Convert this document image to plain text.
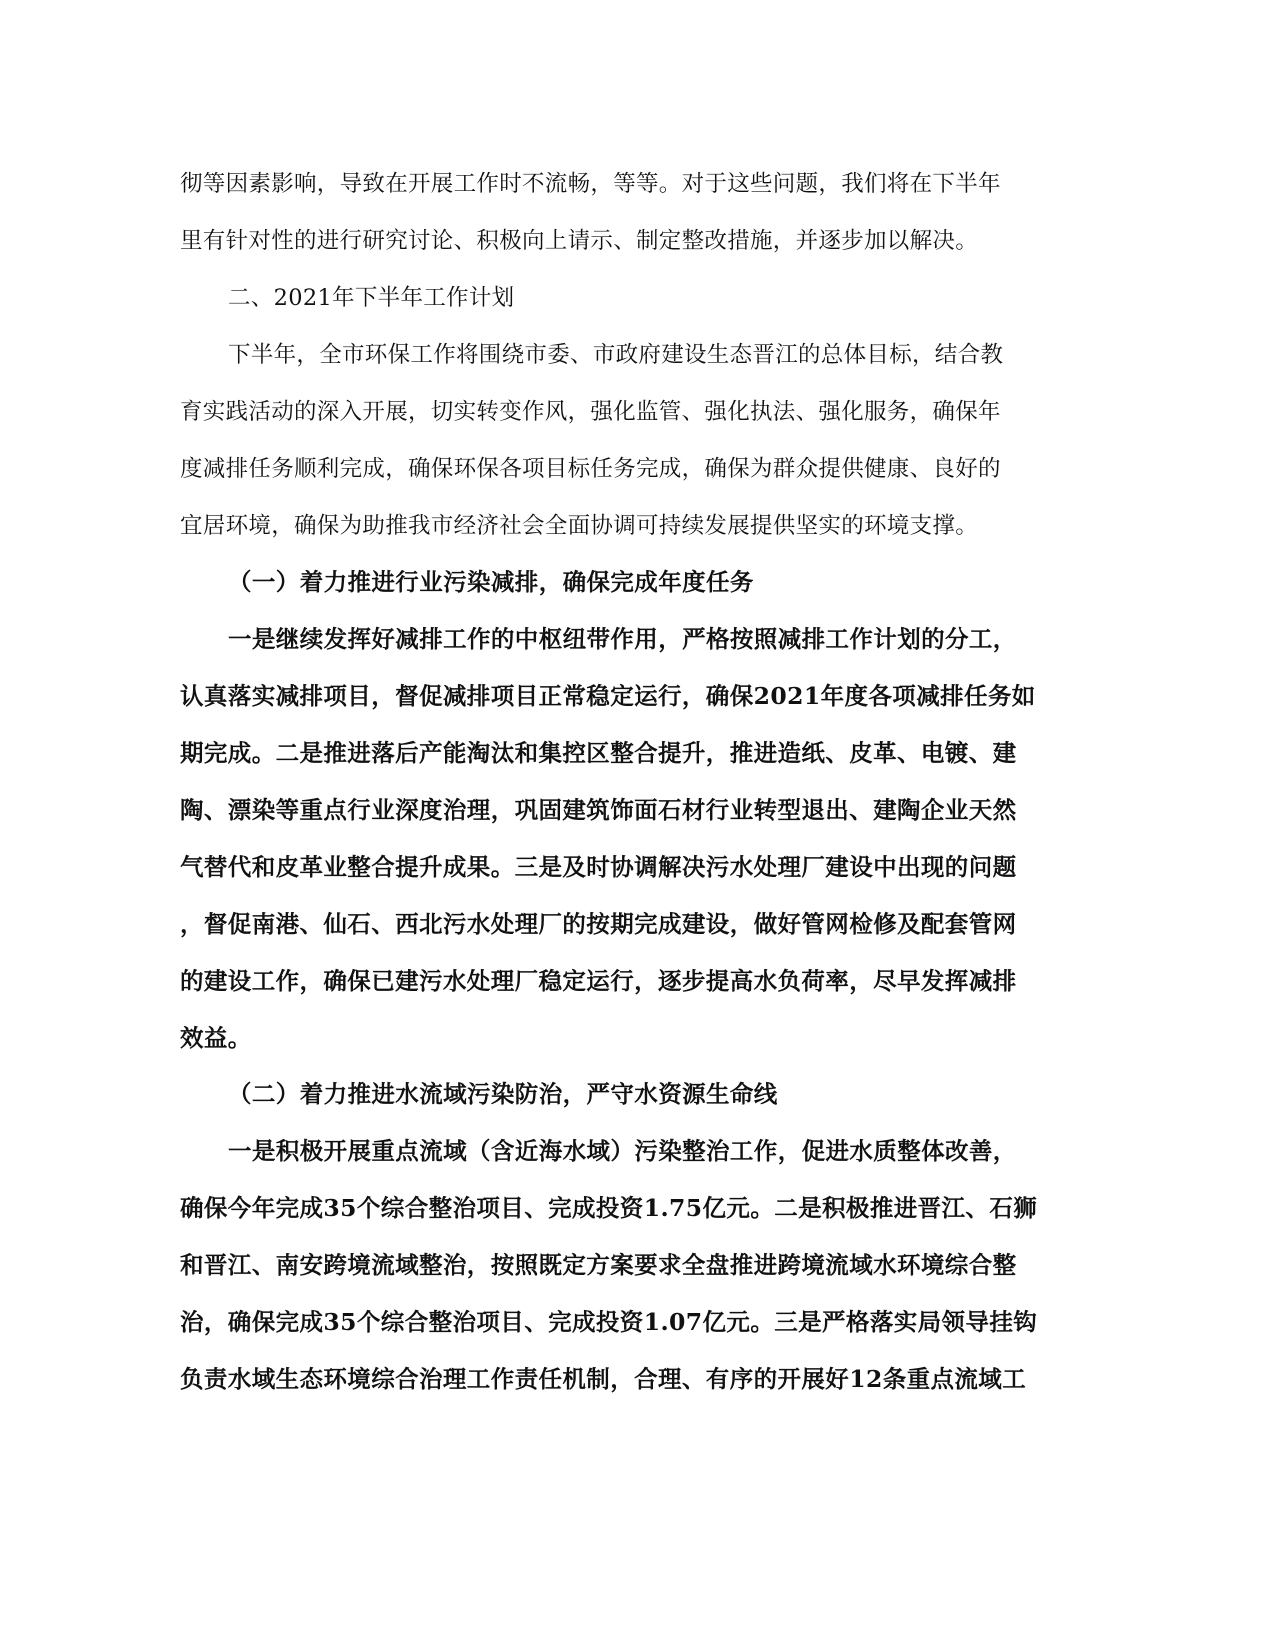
彻等因素影响，导致在开展工作时不流畅，等等。对于这些问题，我们将在下半年

里有针对性的进行研究讨论、积极向上请示、制定整改措施，并逐步加以解决。

二、2021年下半年工作计划

下半年，全市环保工作将围绕市委、市政府建设生态晋江的总体目标，结合教

育实践活动的深入开展，切实转变作风，强化监管、强化执法、强化服务，确保年

度减排任务顺利完成，确保环保各项目标任务完成，确保为群众提供健康、良好的

宜居环境，确保为助推我市经济社会全面协调可持续发展提供坚实的环境支撑。

（一）着力推进行业污染减排，确保完成年度任务

一是继续发挥好减排工作的中枢纽带作用，严格按照减排工作计划的分工，

认真落实减排项目，督促减排项目正常稳定运行，确保2021年度各项减排任务如

期完成。二是推进落后产能淘汰和集控区整合提升，推进造纸、皮革、电镀、建

陶、漂染等重点行业深度治理，巩固建筑饰面石材行业转型退出、建陶企业天然

气替代和皮革业整合提升成果。三是及时协调解决污水处理厂建设中出现的问题

，督促南港、仙石、西北污水处理厂的按期完成建设，做好管网检修及配套管网

的建设工作，确保已建污水处理厂稳定运行，逐步提高水负荷率，尽早发挥减排

效益。

（二）着力推进水流域污染防治，严守水资源生命线

一是积极开展重点流域（含近海水域）污染整治工作，促进水质整体改善，

确保今年完成35个综合整治项目、完成投资1.75亿元。二是积极推进晋江、石狮

和晋江、南安跨境流域整治，按照既定方案要求全盘推进跨境流域水环境综合整

治，确保完成35个综合整治项目、完成投资1.07亿元。三是严格落实局领导挂钩

负责水域生态环境综合治理工作责任机制，合理、有序的开展好12条重点流域工
